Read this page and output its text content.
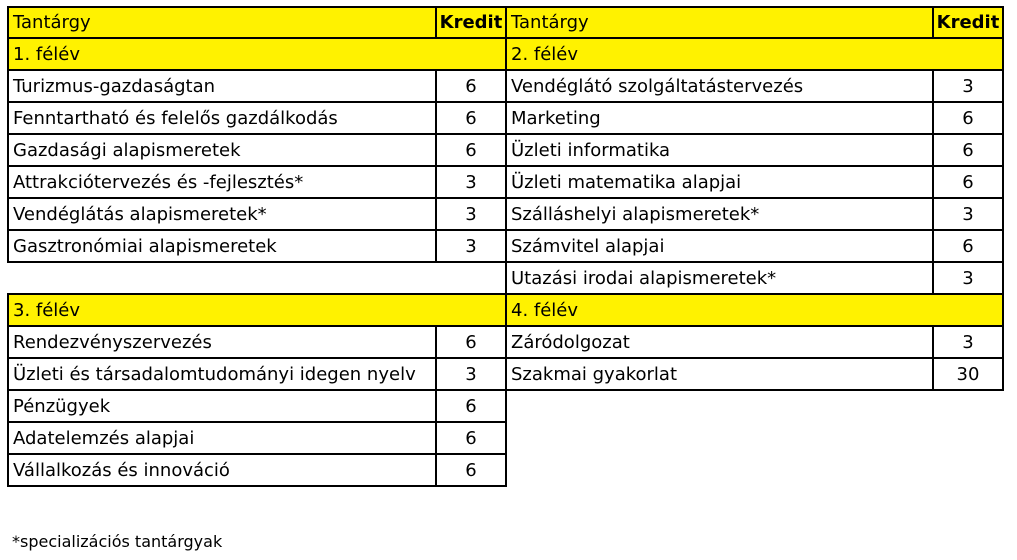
Tantárgy	Kredit
1. félév	
Turizmus-gazdaságtan	6
Fenntartható és felelős gazdálkodás	6
Gazdasági alapismeretek	6
Attrakciótervezés és -fejlesztés*	3
Vendéglátás alapismeretek*	3
Gasztronómiai alapismeretek	3

3. félév	
Rendezvényszervezés	6
Üzleti és társadalomtudományi idegen nyelv	3
Pénzügyek	6
Adatelemzés alapjai	6
Vállalkozás és innováció	6
Tantárgy	Kredit
2. félév	
Vendéglátó szolgáltatástervezés	3
Marketing	6
Üzleti informatika	6
Üzleti matematika alapjai	6
Szálláshelyi alapismeretek*	3
Számvitel alapjai	6
Utazási irodai alapismeretek*	3
4. félév	
Záródolgozat	3
Szakmai gyakorlat	30
*specializációs tantárgyak
